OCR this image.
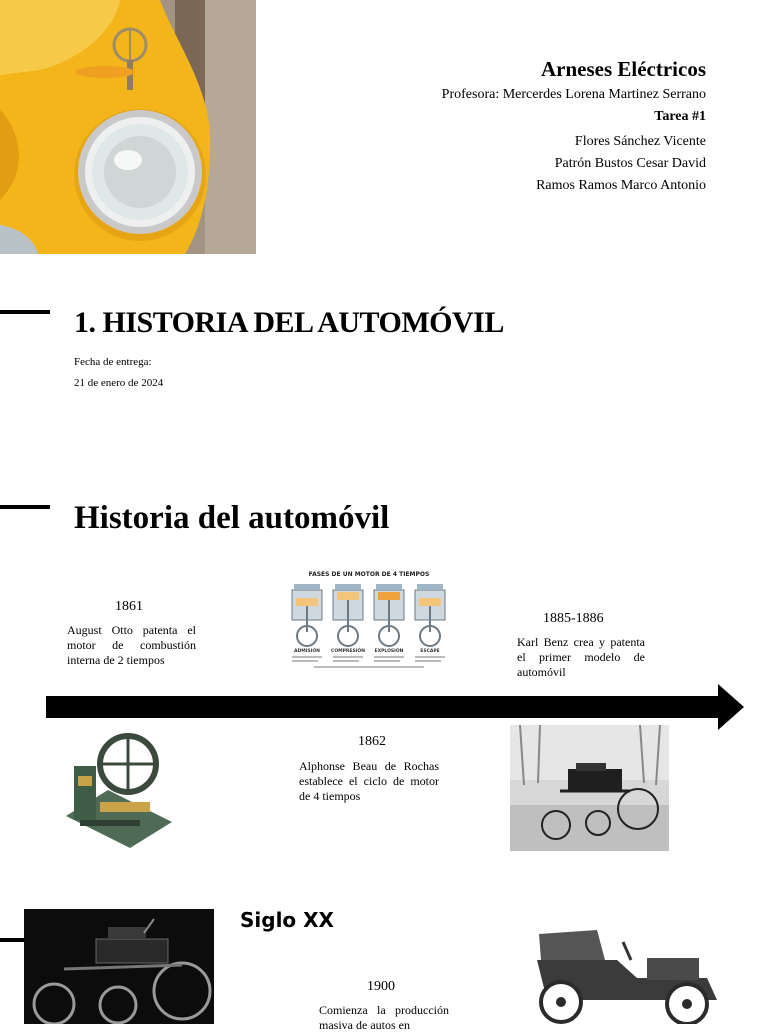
Arneses Eléctricos
Profesora: Mercerdes Lorena Martinez Serrano
Tarea #1
Flores Sánchez Vicente
Patrón Bustos Cesar David
Ramos Ramos Marco Antonio
1. HISTORIA DEL AUTOMÓVIL
Fecha de entrega:
21 de enero de 2024
Historia del automóvil
FASES DE UN MOTOR DE 4 TIEMPOS
ADMISIÓN COMPRESIÓN EXPLOSIÓN	ESCAPE
1861
August Otto patenta el motor de combustión interna de 2 tiempos
1885-1886
Karl Benz crea y patenta el primer modelo de automóvil
1862
Alphonse Beau de Rochas establece el ciclo de motor de 4 tiempos
Siglo XX
1900
Comienza la producción masiva de autos en
